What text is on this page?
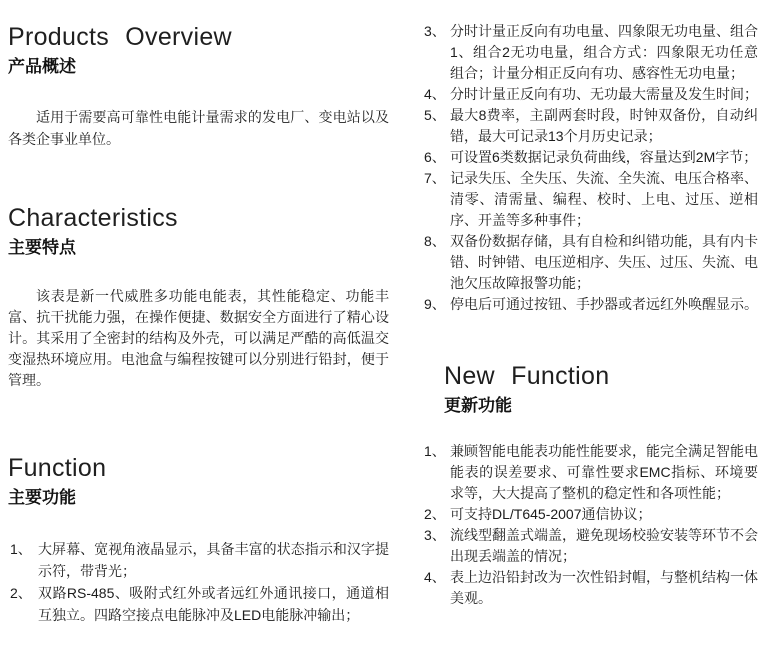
Products Overview
产品概述

适用于需要高可靠性电能计量需求的发电厂、变电站以及各类企事业单位。

Characteristics
主要特点

该表是新一代威胜多功能电能表，其性能稳定、功能丰富、抗干扰能力强，在操作便捷、数据安全方面进行了精心设计。其采用了全密封的结构及外壳，可以满足严酷的高低温交变湿热环境应用。电池盒与编程按键可以分别进行铅封，便于管理。

Function
主要功能
1、 大屏幕、宽视角液晶显示，具备丰富的状态指示和汉字提示符，带背光；
2、 双路RS-485、吸附式红外或者远红外通讯接口，通道相互独立。四路空接点电能脉冲及LED电能脉冲输出；
3、 分时计量正反向有功电量、四象限无功电量、组合1、组合2无功电量，组合方式：四象限无功任意组合；计量分相正反向有功、感容性无功电量；
4、 分时计量正反向有功、无功最大需量及发生时间；
5、 最大8费率，主副两套时段，时钟双备份，自动纠错，最大可记录13个月历史记录；
6、 可设置6类数据记录负荷曲线，容量达到2M字节；
7、 记录失压、全失压、失流、全失流、电压合格率、清零、清需量、编程、校时、上电、过压、逆相序、开盖等多种事件；
8、 双备份数据存储，具有自检和纠错功能，具有内卡错、时钟错、电压逆相序、失压、过压、失流、电池欠压故障报警功能；
9、 停电后可通过按钮、手抄器或者远红外唤醒显示。
New Function
更新功能
1、 兼顾智能电能表功能性能要求，能完全满足智能电能表的误差要求、可靠性要求EMC指标、环境要求等，大大提高了整机的稳定性和各项性能；
2、 可支持DL/T645-2007通信协议；
3、 流线型翻盖式端盖，避免现场校验安装等环节不会出现丢端盖的情况；
4、 表上边沿铅封改为一次性铅封帽，与整机结构一体美观。
